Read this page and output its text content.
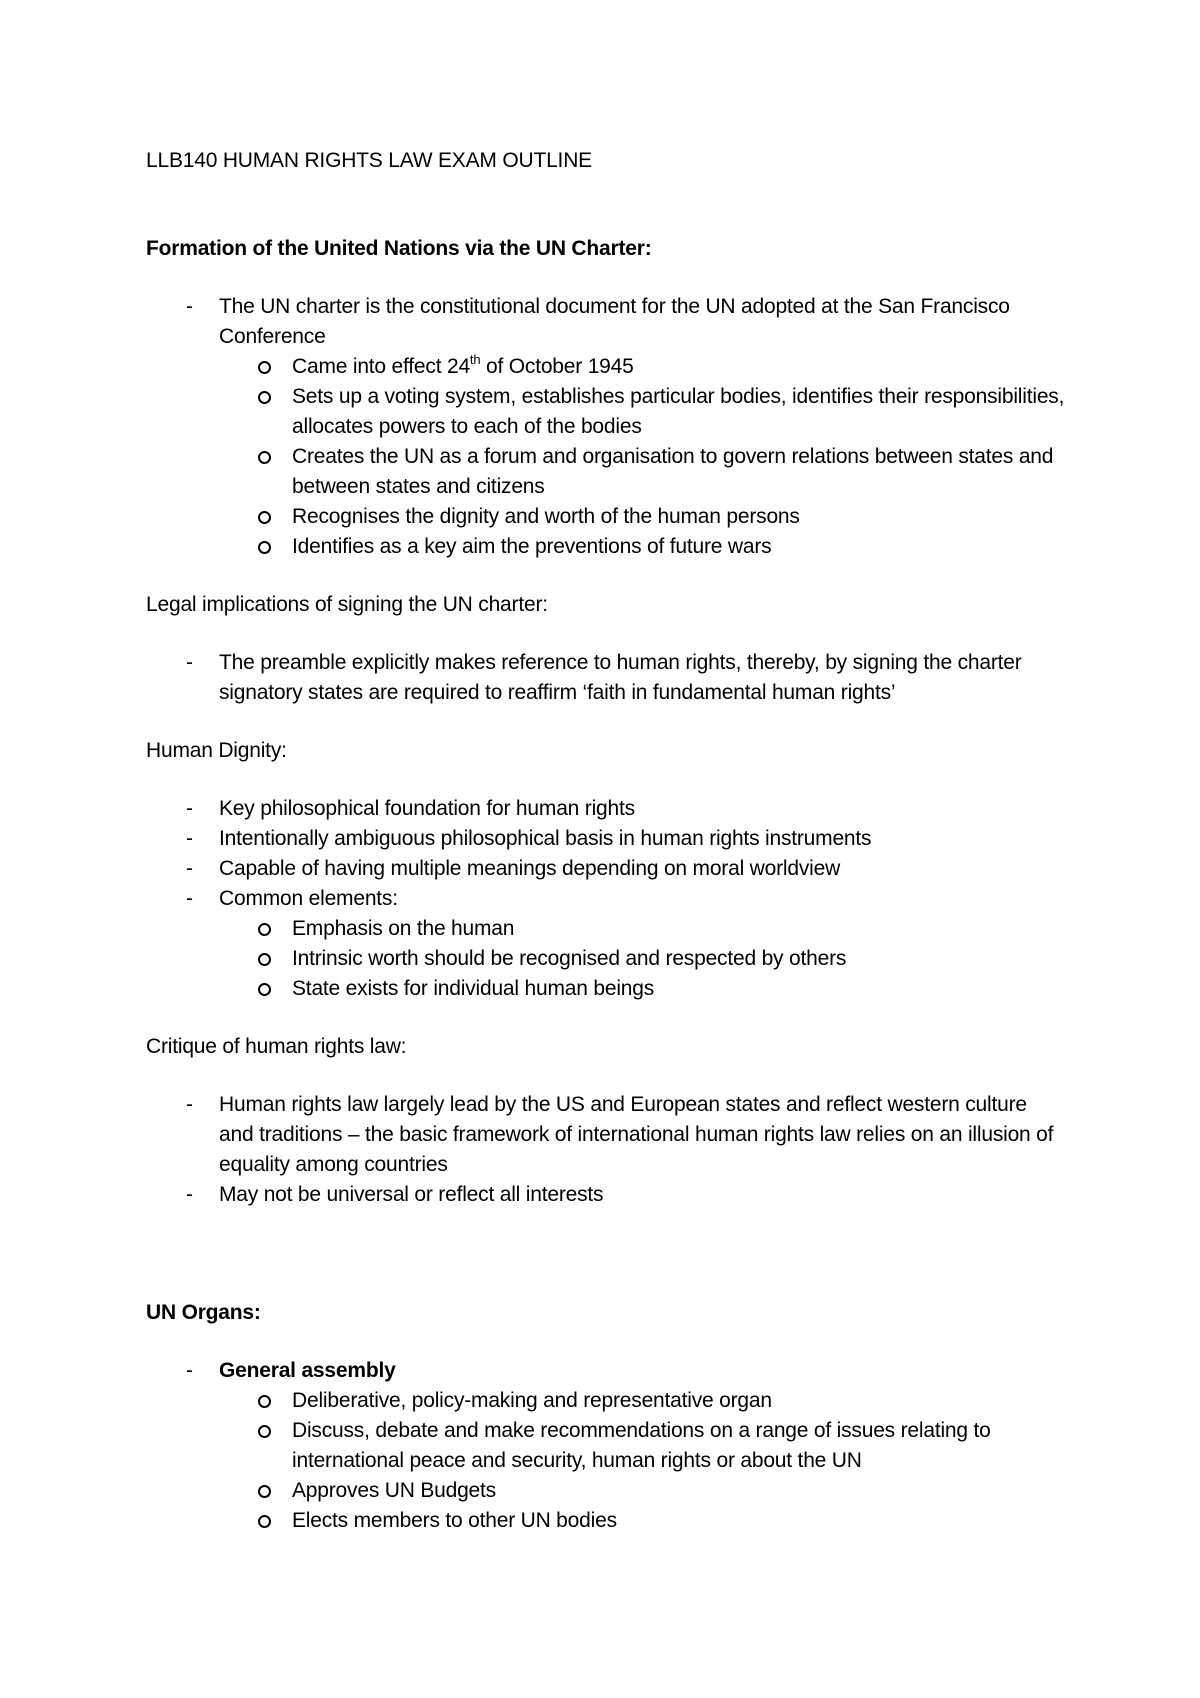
LLB140 HUMAN RIGHTS LAW EXAM OUTLINE

Formation of the United Nations via the UN Charter:

- The UN charter is the constitutional document for the UN adopted at the San Francisco Conference
Came into effect 24th of October 1945
Sets up a voting system, establishes particular bodies, identifies their responsibilities, allocates powers to each of the bodies
Creates the UN as a forum and organisation to govern relations between states and between states and citizens
Recognises the dignity and worth of the human persons
Identifies as a key aim the preventions of future wars

Legal implications of signing the UN charter:

- The preamble explicitly makes reference to human rights, thereby, by signing the charter signatory states are required to reaffirm ‘faith in fundamental human rights’

Human Dignity:

- Key philosophical foundation for human rights
- Intentionally ambiguous philosophical basis in human rights instruments
- Capable of having multiple meanings depending on moral worldview
- Common elements:
Emphasis on the human
Intrinsic worth should be recognised and respected by others
State exists for individual human beings

Critique of human rights law:

- Human rights law largely lead by the US and European states and reflect western culture and traditions – the basic framework of international human rights law relies on an illusion of equality among countries
- May not be universal or reflect all interests

UN Organs:

- General assembly
Deliberative, policy-making and representative organ
Discuss, debate and make recommendations on a range of issues relating to international peace and security, human rights or about the UN
Approves UN Budgets
Elects members to other UN bodies
